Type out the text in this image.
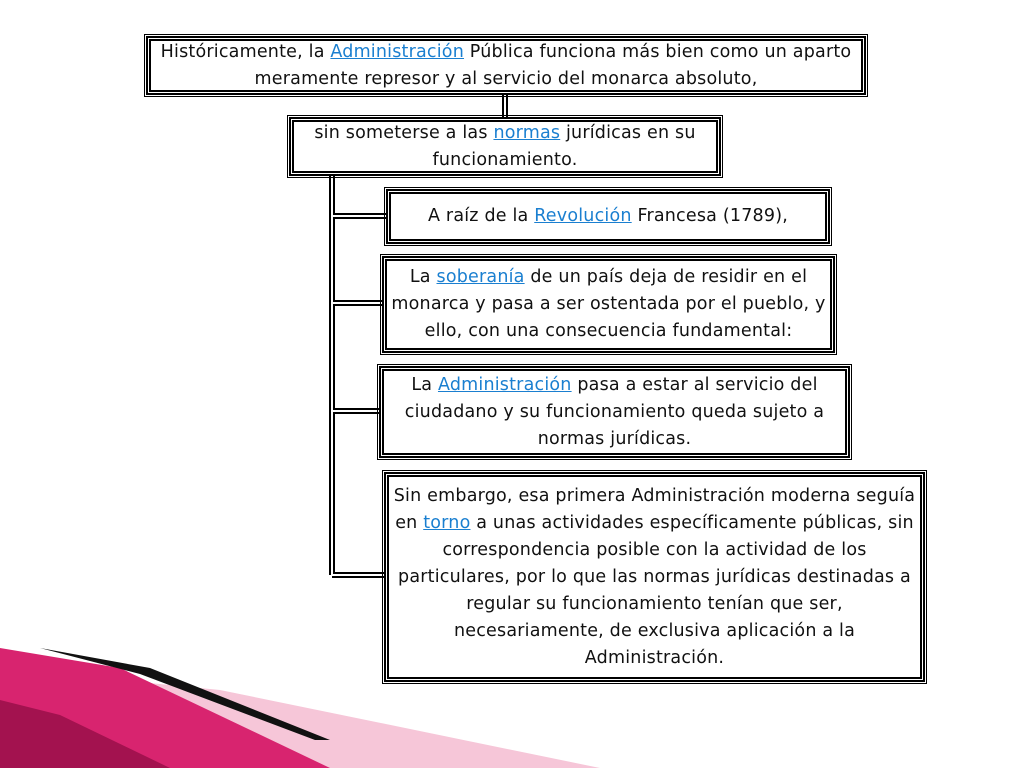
Históricamente, la Administración Pública funciona más bien como un aparto meramente represor y al servicio del monarca absoluto,

sin someterse a las normas jurídicas en su funcionamiento.

A raíz de la Revolución Francesa (1789),

La soberanía de un país deja de residir en el monarca y pasa a ser ostentada por el pueblo, y ello, con una consecuencia fundamental:

La Administración pasa a estar al servicio del ciudadano y su funcionamiento queda sujeto a normas jurídicas.

Sin embargo, esa primera Administración moderna seguía en torno a unas actividades específicamente públicas, sin correspondencia posible con la actividad de los particulares, por lo que las normas jurídicas destinadas a regular su funcionamiento tenían que ser, necesariamente, de exclusiva aplicación a la Administración.
